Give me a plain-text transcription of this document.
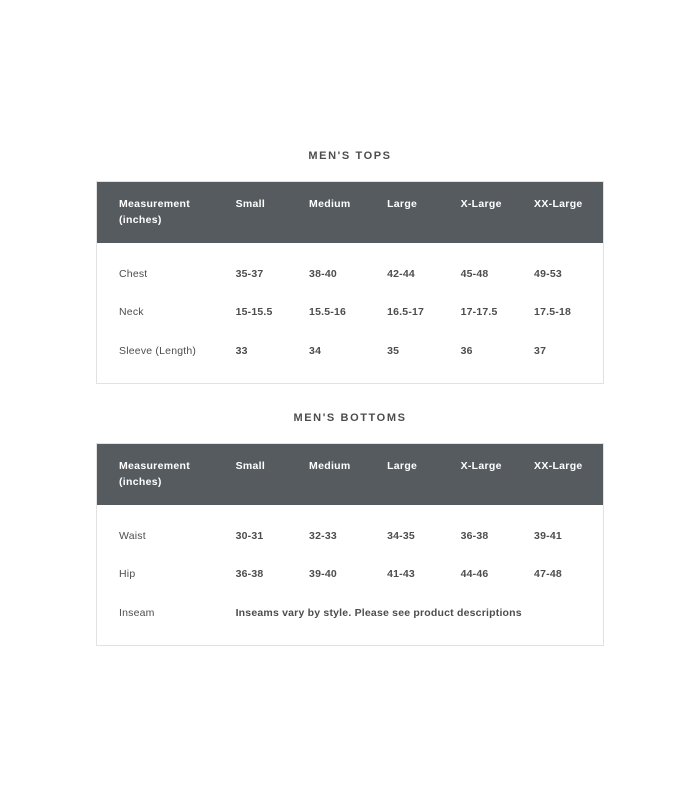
MEN'S TOPS
Measurement
(inches)	Small	Medium	Large	X-Large	XX-Large

Chest	35-37	38-40	42-44	45-48	49-53
Neck	15-15.5	15.5-16	16.5-17	17-17.5	17.5-18
Sleeve (Length)	33	34	35	36	37

MEN'S BOTTOMS
Measurement
(inches)	Small	Medium	Large	X-Large	XX-Large

Waist	30-31	32-33	34-35	36-38	39-41
Hip	36-38	39-40	41-43	44-46	47-48
Inseam	Inseams vary by style. Please see product descriptions				
